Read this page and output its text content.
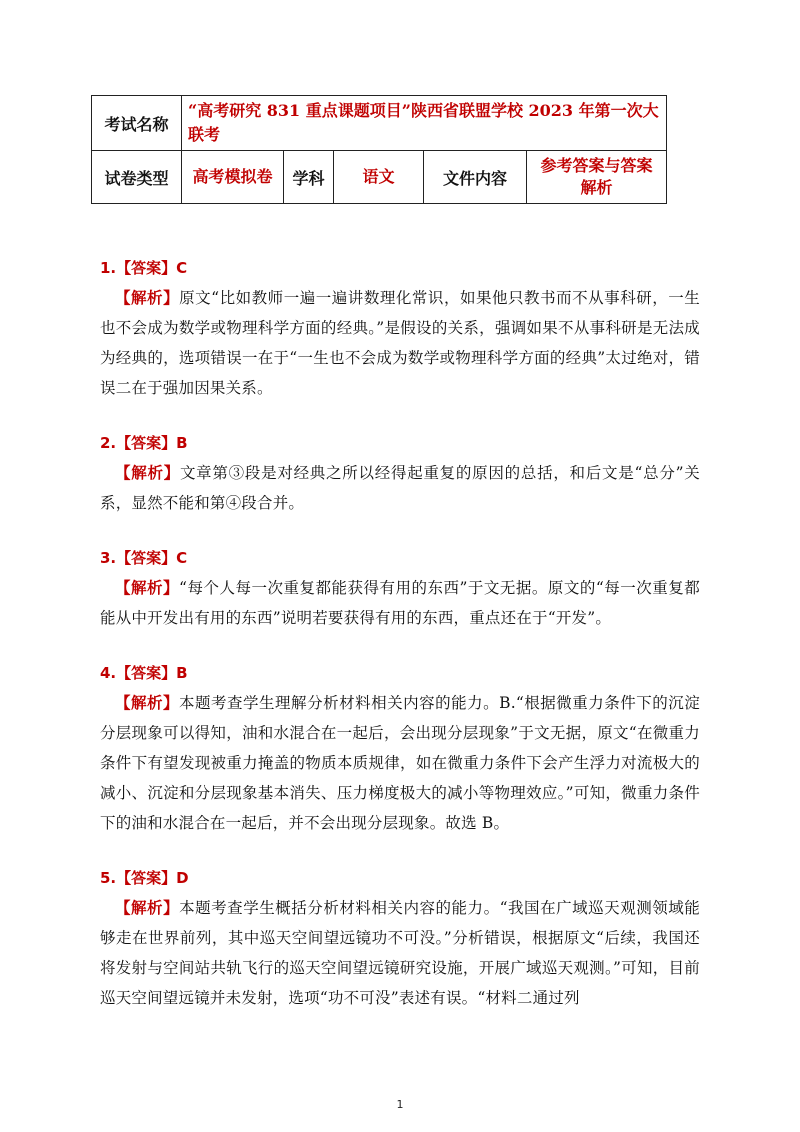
考试名称	“高考研究 831 重点课题项目”陕西省联盟学校 2023 年第一次大联考				
试卷类型	高考模拟卷	学科	语文	文件内容	参考答案与答案解析
1.【答案】C
【解析】原文“比如教师一遍一遍讲数理化常识，如果他只教书而不从事科研，一生也不会成为数学或物理科学方面的经典。”是假设的关系，强调如果不从事科研是无法成为经典的，选项错误一在于“一生也不会成为数学或物理科学方面的经典”太过绝对，错误二在于强加因果关系。
2.【答案】B
【解析】文章第③段是对经典之所以经得起重复的原因的总括，和后文是“总分”关系，显然不能和第④段合并。
3.【答案】C
【解析】“每个人每一次重复都能获得有用的东西”于文无据。原文的“每一次重复都能从中开发出有用的东西”说明若要获得有用的东西，重点还在于“开发”。
4.【答案】B
【解析】本题考查学生理解分析材料相关内容的能力。B.“根据微重力条件下的沉淀分层现象可以得知，油和水混合在一起后，会出现分层现象”于文无据，原文“在微重力条件下有望发现被重力掩盖的物质本质规律，如在微重力条件下会产生浮力对流极大的减小、沉淀和分层现象基本消失、压力梯度极大的减小等物理效应。”可知，微重力条件下的油和水混合在一起后，并不会出现分层现象。故选 B。
5.【答案】D
【解析】本题考查学生概括分析材料相关内容的能力。“我国在广域巡天观测领域能够走在世界前列，其中巡天空间望远镜功不可没。”分析错误，根据原文“后续，我国还将发射与空间站共轨飞行的巡天空间望远镜研究设施，开展广域巡天观测。”可知，目前巡天空间望远镜并未发射，选项“功不可没”表述有误。“材料二通过列
1
